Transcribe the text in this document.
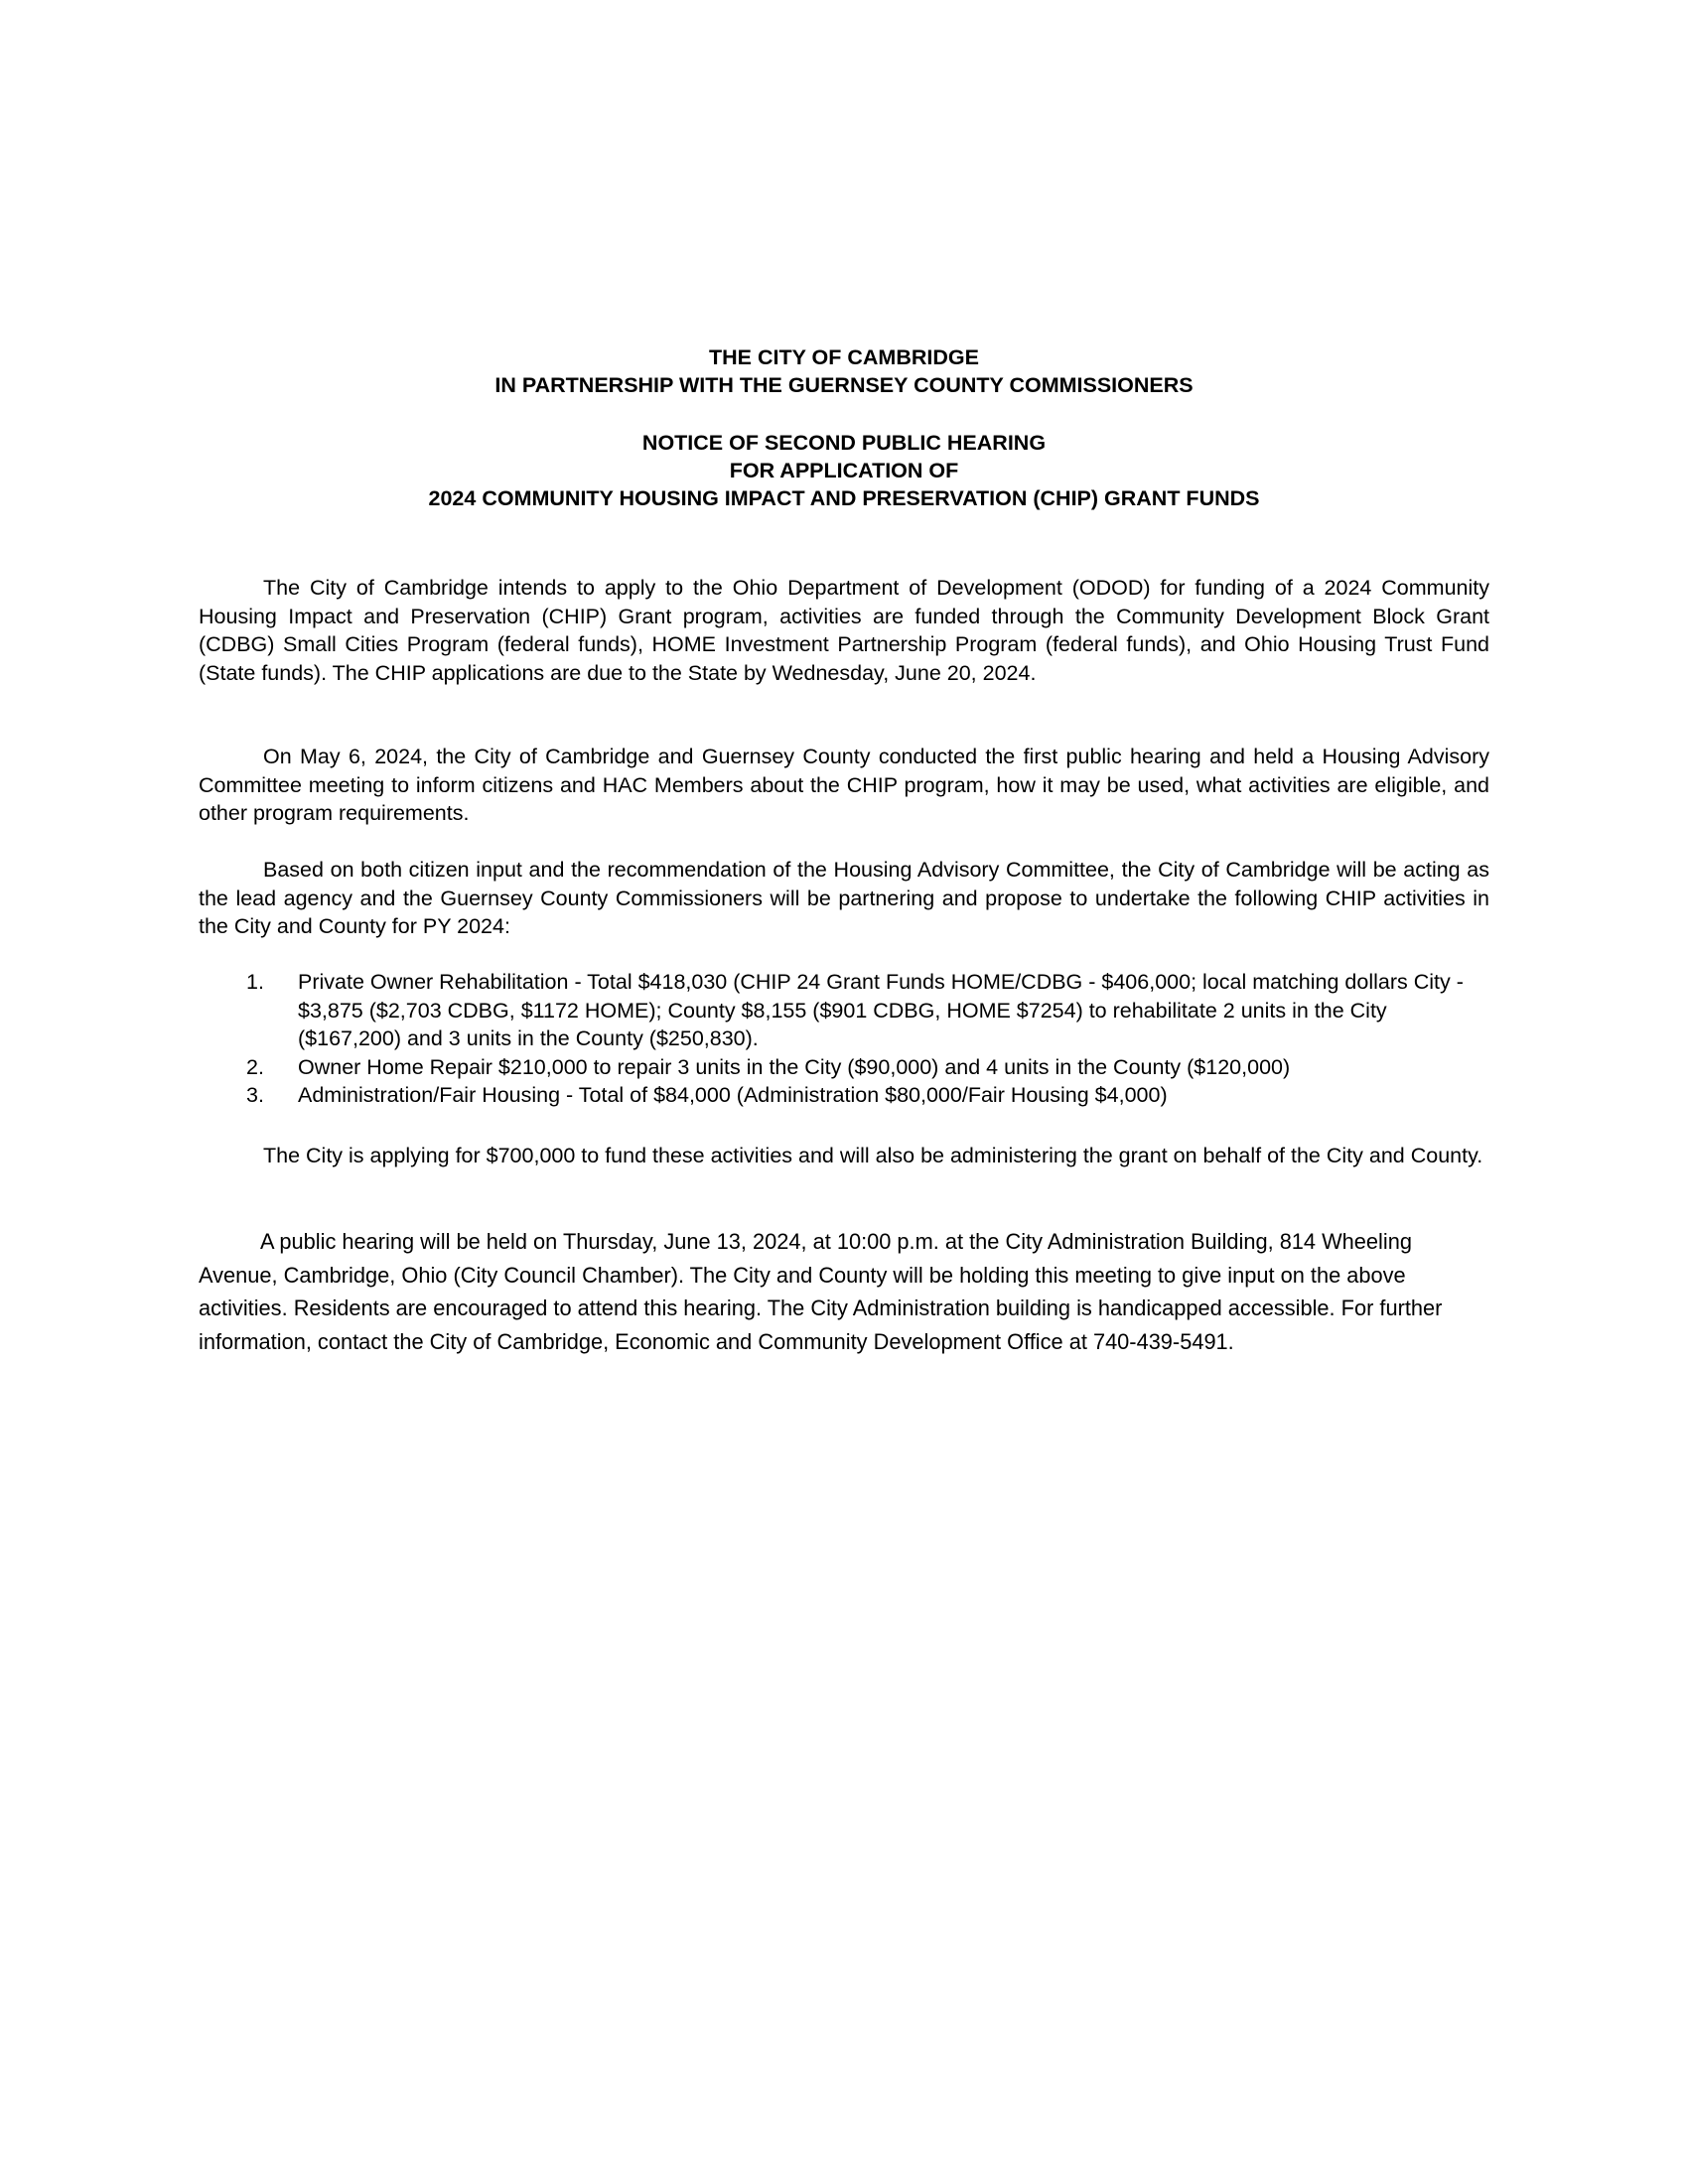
THE CITY OF CAMBRIDGE
IN PARTNERSHIP WITH THE GUERNSEY COUNTY COMMISSIONERS
NOTICE OF SECOND PUBLIC HEARING
FOR APPLICATION OF
2024 COMMUNITY HOUSING IMPACT AND PRESERVATION (CHIP) GRANT FUNDS

The City of Cambridge intends to apply to the Ohio Department of Development (ODOD) for funding of a 2024 Community Housing Impact and Preservation (CHIP) Grant program, activities are funded through the Community Development Block Grant (CDBG) Small Cities Program (federal funds), HOME Investment Partnership Program (federal funds), and Ohio Housing Trust Fund (State funds). The CHIP applications are due to the State by Wednesday, June 20, 2024.

On May 6, 2024, the City of Cambridge and Guernsey County conducted the first public hearing and held a Housing Advisory Committee meeting to inform citizens and HAC Members about the CHIP program, how it may be used, what activities are eligible, and other program requirements.

Based on both citizen input and the recommendation of the Housing Advisory Committee, the City of Cambridge will be acting as the lead agency and the Guernsey County Commissioners will be partnering and propose to undertake the following CHIP activities in the City and County for PY 2024:

1. Private Owner Rehabilitation - Total $418,030 (CHIP 24 Grant Funds HOME/CDBG - $406,000; local matching dollars City - $3,875 ($2,703 CDBG, $1172 HOME); County $8,155 ($901 CDBG, HOME $7254) to rehabilitate 2 units in the City ($167,200) and 3 units in the County ($250,830).
2. Owner Home Repair $210,000 to repair 3 units in the City ($90,000) and 4 units in the County ($120,000)
3. Administration/Fair Housing - Total of $84,000 (Administration $80,000/Fair Housing $4,000)

The City is applying for $700,000 to fund these activities and will also be administering the grant on behalf of the City and County.

A public hearing will be held on Thursday, June 13, 2024, at 10:00 p.m. at the City Administration Building, 814 Wheeling Avenue, Cambridge, Ohio (City Council Chamber). The City and County will be holding this meeting to give input on the above activities. Residents are encouraged to attend this hearing. The City Administration building is handicapped accessible. For further information, contact the City of Cambridge, Economic and Community Development Office at 740-439-5491.
